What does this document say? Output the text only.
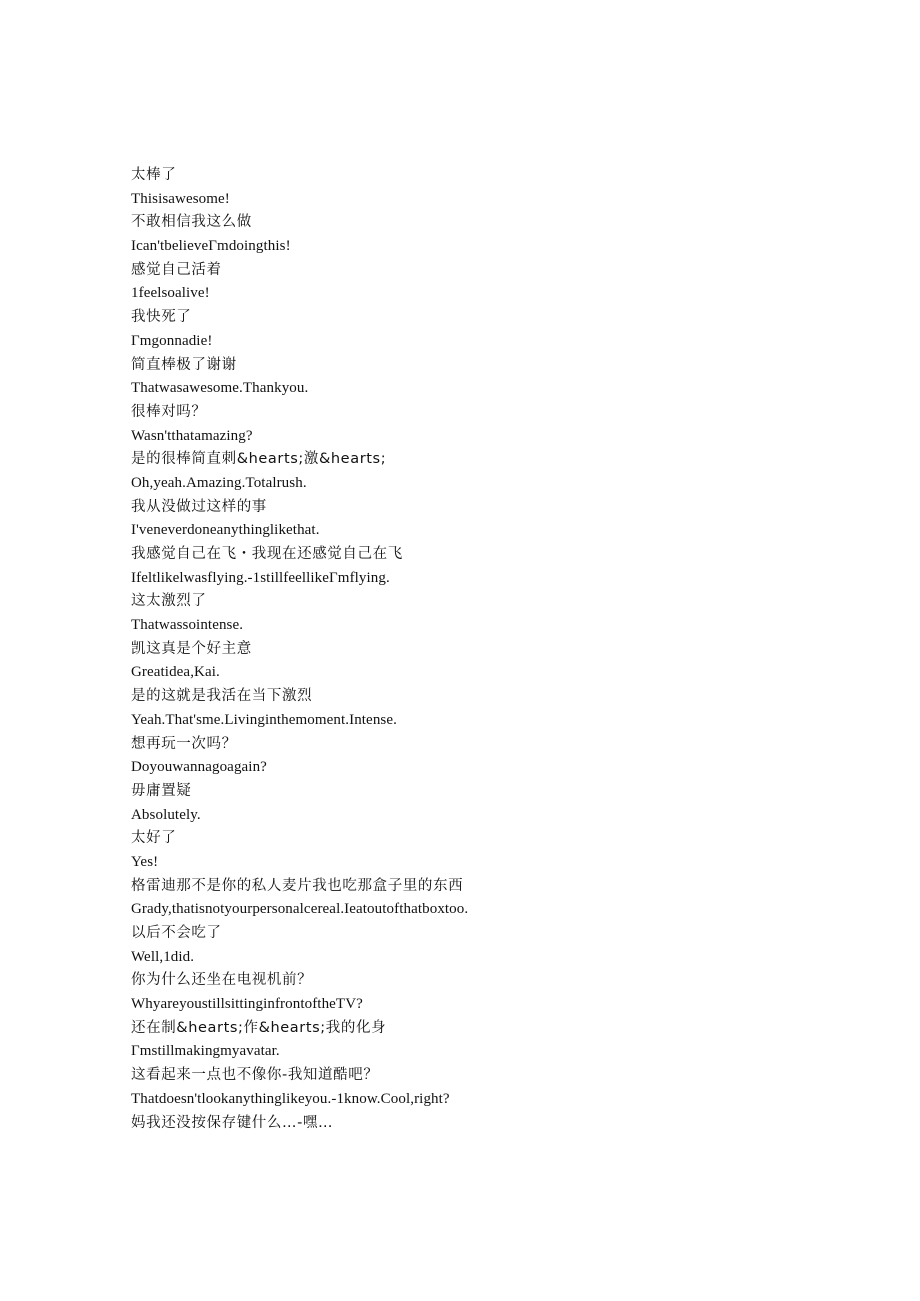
太棒了
Thisisawesome!
不敢相信我这么做
Ican'tbelieveΓmdoingthis!
感觉自己活着
1feelsoalive!
我快死了
Γmgonnadie!
简直棒极了谢谢
Thatwasawesome.Thankyou.
很棒对吗？
Wasn'tthatamazing?
是的很棒简直刺&hearts;激&hearts;
Oh,yeah.Amazing.Totalrush.
我从没做过这样的事
I'veneverdoneanythinglikethat.
我感觉自己在飞・我现在还感觉自己在飞
Ifeltlikelwasflying.-1stillfeellikeΓmflying.
这太激烈了
Thatwassointense.
凯这真是个好主意
Greatidea,Kai.
是的这就是我活在当下激烈
Yeah.That'sme.Livinginthemoment.Intense.
想再玩一次吗？
Doyouwannagoagain?
毋庸置疑
Absolutely.
太好了
Yes!
格雷迪那不是你的私人麦片我也吃那盒子里的东西
Grady,thatisnotyourpersonalcereal.Ieatoutofthatboxtoo.
以后不会吃了
Well,1did.
你为什么还坐在电视机前？
WhyareyoustillsittinginfrontoftheTV?
还在制&hearts;作&hearts;我的化身
Γmstillmakingmyavatar.
这看起来一点也不像你-我知道酷吧？
Thatdoesn'tlookanythinglikeyou.-1know.Cool,right?
妈我还没按保存键什么…-嘿…
